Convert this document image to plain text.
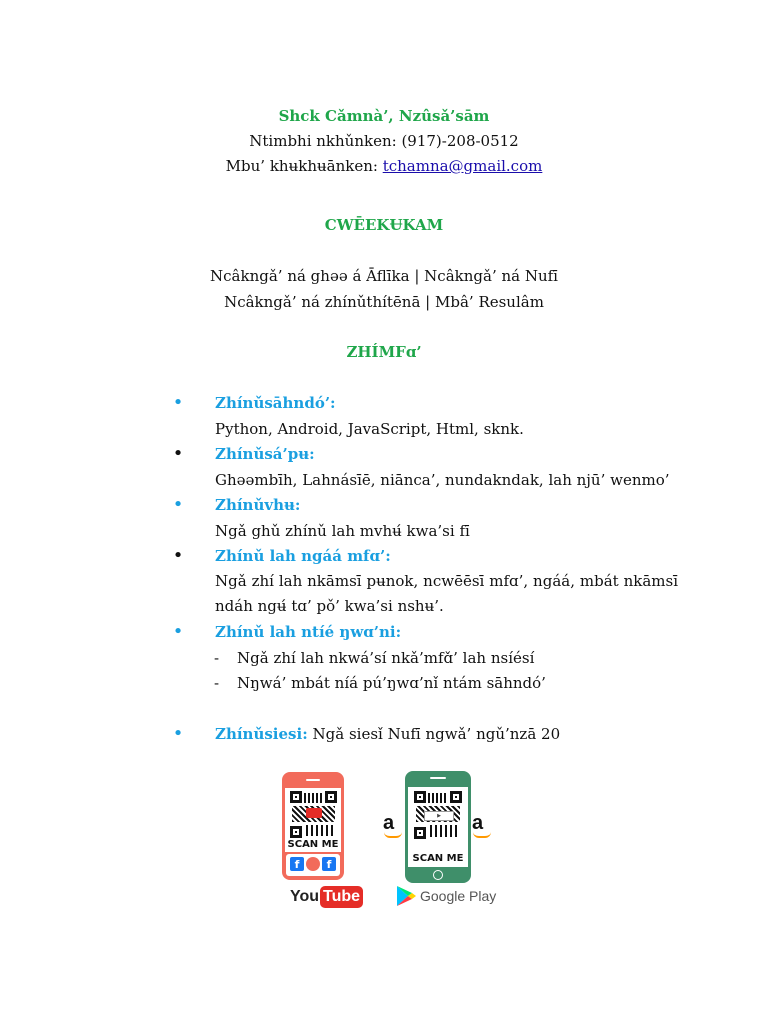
Shck Cǎmnà’, Nzûsǎ’sām
Ntimbhi nkhǔnken: (917)-208-0512
Mbu’ khʉkhʉānken: tchamna@gmail.com
CWĒEKɄKAM
Ncâkngǎ’ ná ghəə á Āflīka | Ncâkngǎ’ ná Nufī
Ncâkngǎ’ ná zhínǔthítēnā | Mbâ’ Resulâm
ZHÍMFɑ’
• Zhínǔsāhndó’:
Python, Android, JavaScript, Html, sknk.
• Zhínǔsá’pʉ:
Ghəəmbīh, Lahnásīē, niānca’, nundakndak, lah njū’ wenmo’
• Zhínǔvhʉ:
Ngǎ ghǔ zhínǔ lah mvhʉ́ kwa’si fī
• Zhínǔ lah ngáá mfɑ’:
Ngǎ zhí lah nkāmsī pʉnok, ncwēēsī mfɑ’, ngáá, mbát nkāmsī ndáh ngʉ́ tɑ’ pǒ’ kwa’si nshʉ’.
• Zhínǔ lah ntíé ŋwɑ’ni:
- Ngǎ zhí lah nkwá’sí nkǎ’mfɑ̌’ lah nsíésí
- Nŋwá’ mbát níá pú’ŋwɑ’nǐ ntám sāhndó’
• Zhínǔsiesi: Ngǎ siesǐ Nufī ngwǎ’ ngǔ’nzā 20
SCAN ME
f	f
You Tube
a	▶
SCAN ME
a
Google Play
